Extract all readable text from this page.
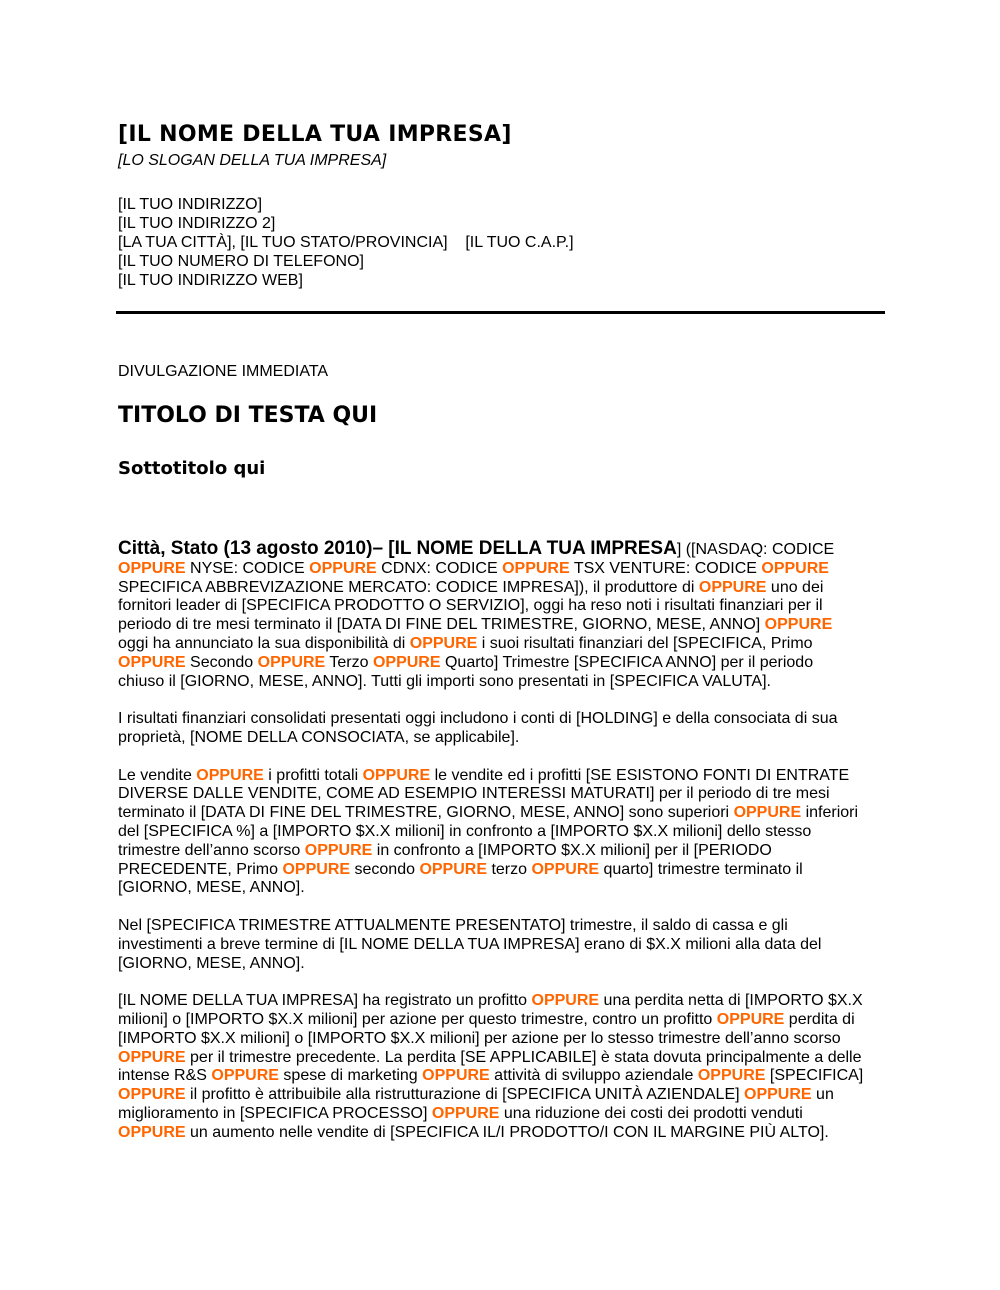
[IL NOME DELLA TUA IMPRESA]
[LO SLOGAN DELLA TUA IMPRESA]
[IL TUO INDIRIZZO]
[IL TUO INDIRIZZO 2]
[LA TUA CITTÀ], [IL TUO STATO/PROVINCIA]    [IL TUO C.A.P.]
[IL TUO NUMERO DI TELEFONO]
[IL TUO INDIRIZZO WEB]
DIVULGAZIONE IMMEDIATA
TITOLO DI TESTA QUI
Sottotitolo qui
Città, Stato (13 agosto 2010)– [IL NOME DELLA TUA IMPRESA] ([NASDAQ: CODICE
OPPURE NYSE: CODICE OPPURE CDNX: CODICE OPPURE TSX VENTURE: CODICE OPPURE
SPECIFICA ABBREVIZAZIONE MERCATO: CODICE IMPRESA]), il produttore di OPPURE uno dei
fornitori leader di [SPECIFICA PRODOTTO O SERVIZIO], oggi ha reso noti i risultati finanziari per il
periodo di tre mesi terminato il [DATA DI FINE DEL TRIMESTRE, GIORNO, MESE, ANNO] OPPURE
oggi ha annunciato la sua disponibilità di OPPURE i suoi risultati finanziari del [SPECIFICA, Primo
OPPURE Secondo OPPURE Terzo OPPURE Quarto] Trimestre [SPECIFICA ANNO] per il periodo
chiuso il [GIORNO, MESE, ANNO]. Tutti gli importi sono presentati in [SPECIFICA VALUTA].
I risultati finanziari consolidati presentati oggi includono i conti di [HOLDING] e della consociata di sua
proprietà, [NOME DELLA CONSOCIATA, se applicabile].
Le vendite OPPURE i profitti totali OPPURE le vendite ed i profitti [SE ESISTONO FONTI DI ENTRATE
DIVERSE DALLE VENDITE, COME AD ESEMPIO INTERESSI MATURATI] per il periodo di tre mesi
terminato il [DATA DI FINE DEL TRIMESTRE, GIORNO, MESE, ANNO] sono superiori OPPURE inferiori
del [SPECIFICA %] a [IMPORTO $X.X milioni] in confronto a [IMPORTO $X.X milioni] dello stesso
trimestre dell’anno scorso OPPURE in confronto a [IMPORTO $X.X milioni] per il [PERIODO
PRECEDENTE, Primo OPPURE secondo OPPURE terzo OPPURE quarto] trimestre terminato il
[GIORNO, MESE, ANNO].
Nel [SPECIFICA TRIMESTRE ATTUALMENTE PRESENTATO] trimestre, il saldo di cassa e gli
investimenti a breve termine di [IL NOME DELLA TUA IMPRESA] erano di $X.X milioni alla data del
[GIORNO, MESE, ANNO].
[IL NOME DELLA TUA IMPRESA] ha registrato un profitto OPPURE una perdita netta di [IMPORTO $X.X
milioni] o [IMPORTO $X.X milioni] per azione per questo trimestre, contro un profitto OPPURE perdita di
[IMPORTO $X.X milioni] o [IMPORTO $X.X milioni] per azione per lo stesso trimestre dell’anno scorso
OPPURE per il trimestre precedente. La perdita [SE APPLICABILE] è stata dovuta principalmente a delle
intense R&S OPPURE spese di marketing OPPURE attività di sviluppo aziendale OPPURE [SPECIFICA]
OPPURE il profitto è attribuibile alla ristrutturazione di [SPECIFICA UNITÀ AZIENDALE] OPPURE un
miglioramento in [SPECIFICA PROCESSO] OPPURE una riduzione dei costi dei prodotti venduti
OPPURE un aumento nelle vendite di [SPECIFICA IL/I PRODOTTO/I CON IL MARGINE PIÙ ALTO].
